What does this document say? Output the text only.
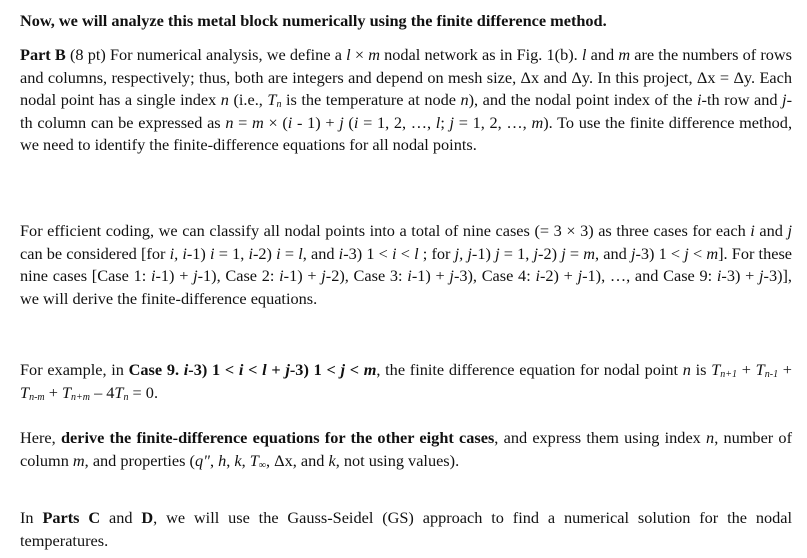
Now, we will analyze this metal block numerically using the finite difference method.

Part B (8 pt) For numerical analysis, we define a l × m nodal network as in Fig. 1(b). l and m are the numbers of rows and columns, respectively; thus, both are integers and depend on mesh size, Δx and Δy. In this project, Δx = Δy. Each nodal point has a single index n (i.e., $T_n$ is the temperature at node n), and the nodal point index of the i-th row and j-th column can be expressed as n = m × (i - 1) + j (i = 1, 2, …, l; j = 1, 2, …, m). To use the finite difference method, we need to identify the finite-difference equations for all nodal points.

For efficient coding, we can classify all nodal points into a total of nine cases (= 3 × 3) as three cases for each i and j can be considered [for i, i-1) i = 1, i-2) i = l, and i-3) 1 < i < l ; for j, j-1) j = 1, j-2) j = m, and j-3) 1 < j < m]. For these nine cases [Case 1: i-1) + j-1), Case 2: i-1) + j-2), Case 3: i-1) + j-3), Case 4: i-2) + j-1), …, and Case 9: i-3) + j-3)], we will derive the finite-difference equations.

For example, in Case 9. i-3) 1 < i < l + j-3) 1 < j < m, the finite difference equation for nodal point n is $T_{n+1} + T_{n-1} + T_{n-m} + T_{n+m} - 4T_n = 0$.

Here, derive the finite-difference equations for the other eight cases, and express them using index n, number of column m, and properties (q", h, k, $T_\infty$, Δx, and k, not using values).

In Parts C and D, we will use the Gauss-Seidel (GS) approach to find a numerical solution for the nodal temperatures.
